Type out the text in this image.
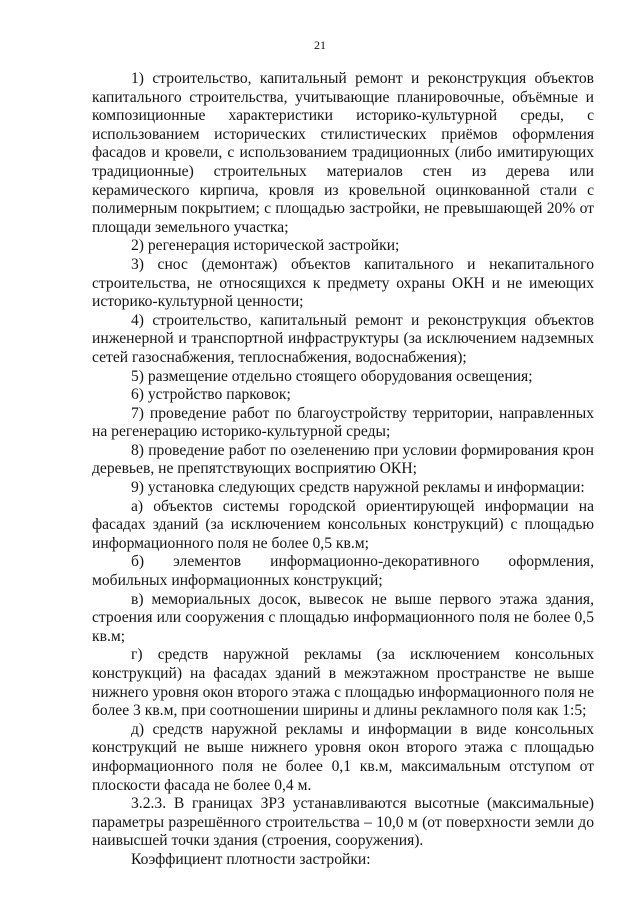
21

1) строительство, капитальный ремонт и реконструкция объектов капитального строительства, учитывающие планировочные, объёмные и композиционные характеристики историко-культурной среды, с использованием исторических стилистических приёмов оформления фасадов и кровели, с использованием традиционных (либо имитирующих традиционные) строительных материалов стен из дерева или керамического кирпича, кровля из кровельной оцинкованной стали с полимерным покрытием; с площадью застройки, не превышающей 20% от площади земельного участка;

2) регенерация исторической застройки;

3) снос (демонтаж) объектов капитального и некапитального строительства, не относящихся к предмету охраны ОКН и не имеющих историко-культурной ценности;

4) строительство, капитальный ремонт и реконструкция объектов инженерной и транспортной инфраструктуры (за исключением надземных сетей газоснабжения, теплоснабжения, водоснабжения);

5) размещение отдельно стоящего оборудования освещения;

6) устройство парковок;

7) проведение работ по благоустройству территории, направленных на регенерацию историко-культурной среды;

8) проведение работ по озеленению при условии формирования крон деревьев, не препятствующих восприятию ОКН;

9) установка следующих средств наружной рекламы и информации:

а) объектов системы городской ориентирующей информации на фасадах зданий (за исключением консольных конструкций) с площадью информационного поля не более 0,5 кв.м;

б) элементов информационно-декоративного оформления, мобильных информационных конструкций;

в) мемориальных досок, вывесок не выше первого этажа здания, строения или сооружения с площадью информационного поля не более 0,5 кв.м;

г) средств наружной рекламы (за исключением консольных конструкций) на фасадах зданий в межэтажном пространстве не выше нижнего уровня окон второго этажа с площадью информационного поля не более 3 кв.м, при соотношении ширины и длины рекламного поля как 1:5;

д) средств наружной рекламы и информации в виде консольных конструкций не выше нижнего уровня окон второго этажа с площадью информационного поля не более 0,1 кв.м, максимальным отступом от плоскости фасада не более 0,4 м.

3.2.3. В границах ЗРЗ устанавливаются высотные (максимальные) параметры разрешённого строительства – 10,0 м (от поверхности земли до наивысшей точки здания (строения, сооружения).

Коэффициент плотности застройки:
